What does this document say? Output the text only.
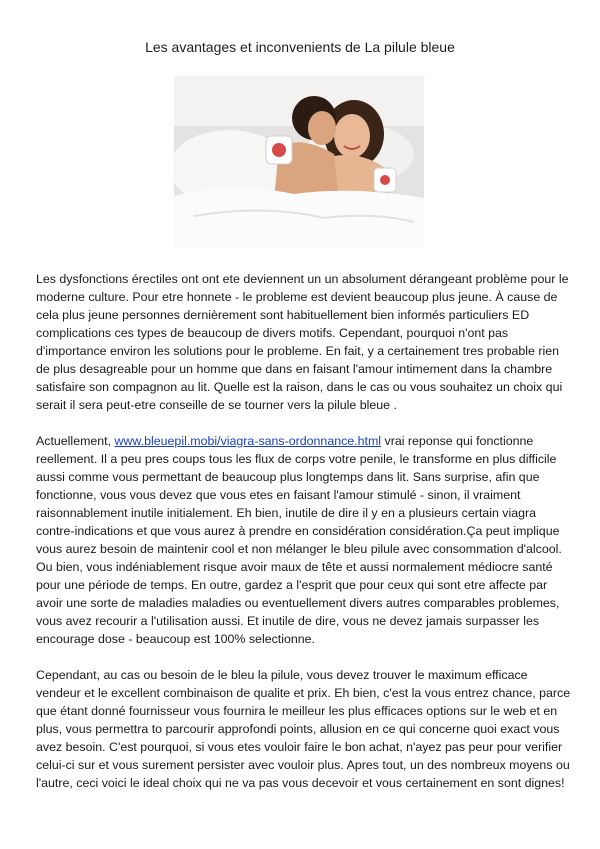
Les avantages et inconvenients de La pilule bleue

Les dysfonctions érectiles ont ont ete deviennent un un absolument dérangeant problème pour le
moderne culture. Pour etre honnete - le probleme est devient beaucoup plus jeune. À cause de
cela plus jeune personnes dernièrement sont habituellement bien informés particuliers ED
complications ces types de beaucoup de divers motifs. Cependant, pourquoi n'ont pas
d'importance environ les solutions pour le probleme. En fait, y a certainement tres probable rien
de plus desagreable pour un homme que dans en faisant l'amour intimement dans la chambre
satisfaire son compagnon au lit. Quelle est la raison, dans le cas ou vous souhaitez un choix qui
serait il sera peut-etre conseille de se tourner vers la pilule bleue .

Actuellement, www.bleuepil.mobi/viagra-sans-ordonnance.html vrai reponse qui fonctionne
reellement. Il a peu pres coups tous les flux de corps votre penile, le transforme en plus difficile
aussi comme vous permettant de beaucoup plus longtemps dans lit. Sans surprise, afin que
fonctionne, vous vous devez que vous etes en faisant l'amour stimulé - sinon, il vraiment
raisonnablement inutile initialement. Eh bien, inutile de dire il y en a plusieurs certain viagra
contre-indications et que vous aurez à prendre en considération considération.Ça peut implique
vous aurez besoin de maintenir cool et non mélanger le bleu pilule avec consommation d'alcool.
Ou bien, vous indéniablement risque avoir maux de tête et aussi normalement médiocre santé
pour une période de temps. En outre, gardez a l'esprit que pour ceux qui sont etre affecte par
avoir une sorte de maladies maladies ou eventuellement divers autres comparables problemes,
vous avez recourir a l'utilisation aussi. Et inutile de dire, vous ne devez jamais surpasser les
encourage dose - beaucoup est 100% selectionne.

Cependant, au cas ou besoin de le bleu la pilule, vous devez trouver le maximum efficace
vendeur et le excellent combinaison de qualite et prix. Eh bien, c'est la vous entrez chance, parce
que étant donné fournisseur vous fournira le meilleur les plus efficaces options sur le web et en
plus, vous permettra to parcourir approfondi points, allusion en ce qui concerne quoi exact vous
avez besoin. C'est pourquoi, si vous etes vouloir faire le bon achat, n'ayez pas peur pour verifier
celui-ci sur et vous surement persister avec vouloir plus. Apres tout, un des nombreux moyens ou
l'autre, ceci voici le ideal choix qui ne va pas vous decevoir et vous certainement en sont dignes!
